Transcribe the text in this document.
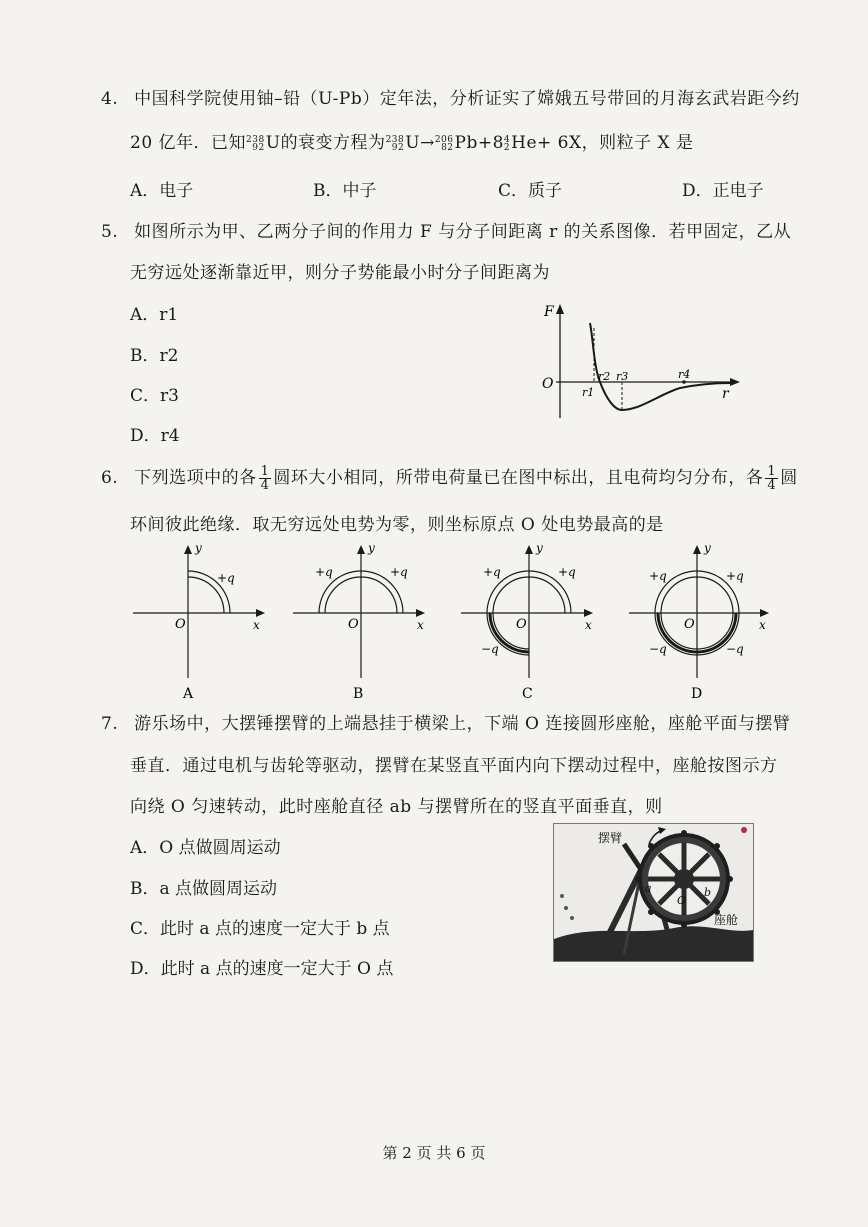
4. 中国科学院使用铀–铅（U-Pb）定年法，分析证实了嫦娥五号带回的月海玄武岩距今约
20 亿年．已知 238
92 U的衰变方程为 238
92 U→ 206
82 Pb+8 4
2 He+ 6X，则粒子 X 是
A．电子	B．中子	C．质子	D．正电子
5. 如图所示为甲、乙两分子间的作用力 F 与分子间距离 r 的关系图像．若甲固定，乙从
无穷远处逐渐靠近甲，则分子势能最小时分子间距离为
A．r1
B．r2
C．r3
D．r4
F
O
r
r1
r2 r3	r4
6. 下列选项中的各 $\frac{1}{4}$ 圆环大小相同，所带电荷量已在图中标出，且电荷均匀分布，各 $\frac{1}{4}$ 圆
环间彼此绝缘．取无穷远处电势为零，则坐标原点 O 处电势最高的是
y
x
O
+q
A
y
x
O
+q	+q
B
y
x
O
+q	+q
−q
C
y
x
O
+q	+q
−q	−q
D
7. 游乐场中，大摆锤摆臂的上端悬挂于横梁上，下端 O 连接圆形座舱，座舱平面与摆臂
垂直．通过电机与齿轮等驱动，摆臂在某竖直平面内向下摆动过程中，座舱按图示方
向绕 O 匀速转动，此时座舱直径 ab 与摆臂所在的竖直平面垂直，则
A．O 点做圆周运动
B．a 点做圆周运动
C．此时 a 点的速度一定大于 b 点
D．此时 a 点的速度一定大于 O 点
摆臂
a
O
b
座舱
第 2 页 共 6 页
